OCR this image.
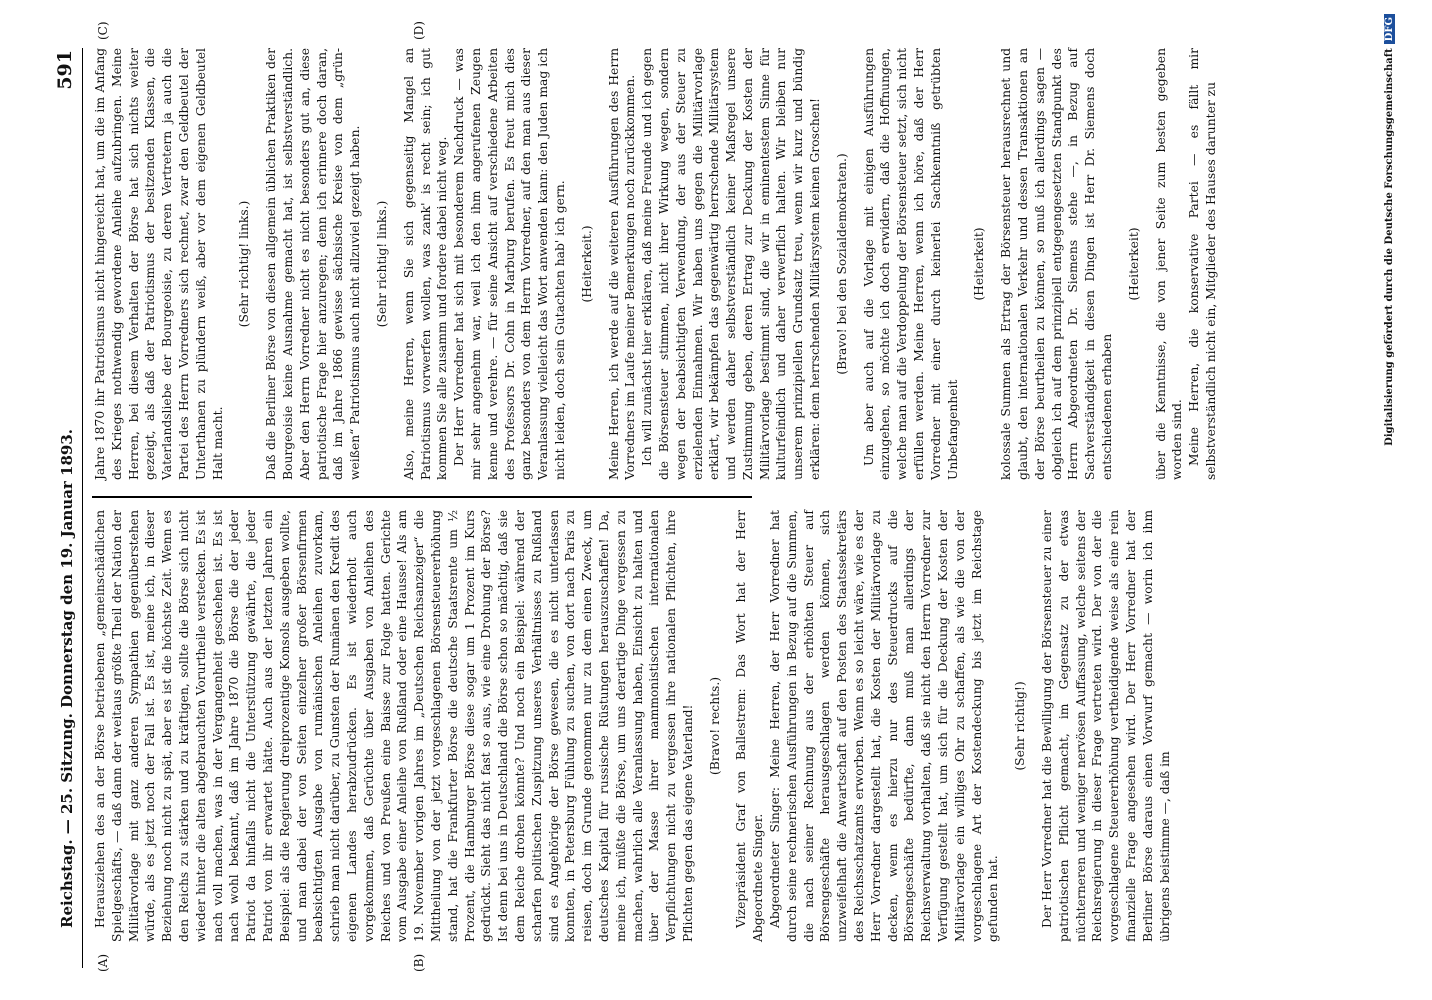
Reichstag. — 25. Sitzung. Donnerstag den 19. Januar 1893.
591
(A)	(B)
(C)	(D)

Herausziehen des an der Börse betriebenen „gemeinschädlichen Spielgeschäfts, — daß dann der weitaus größte Theil der Nation der Militärvorlage mit ganz anderen Sympathien gegenüberstehen würde, als es jetzt noch der Fall ist. Es ist, meine ich, in dieser Beziehung noch nicht zu spät, aber es ist die höchste Zeit. Wenn es den Reichs zu stärken und zu kräftigen, sollte die Börse sich nicht wieder hinter die alten abgebrauchten Vorurtheile verstecken. Es ist nach voll machen, was in der Vergangenheit geschehen ist. Es ist nach wohl bekannt, daß im Jahre 1870 die Börse die der jeder Patriot da hinfalls nicht die Unterstützung gewährte, die jeder Patriot von ihr erwartet hätte. Auch aus der letzten Jahren ein Beispiel: als die Regierung dreiprozentige Konsols ausgeben wollte, und man dabei der von Seiten einzelner großer Börsenfirmen beabsichtigten Ausgabe von rumänischen Anleihen zuvorkam, schrieb man nicht darüber, zu Gunsten der Rumänen den Kredit des eigenen Landes herabzudrücken. Es ist wiederholt auch vorgekommen, daß Gerüchte über Ausgaben von Anleihen des Reiches und von Preußen eine Baisse zur Folge hatten. Gerichte vom Ausgabe einer Anleihe von Rußland oder eine Hausse! Als am 19. November vorigen Jahres im „Deutschen Reichsanzeiger“ die Mittheilung von der jetzt vorgeschlagenen Börsensteuererhöhung stand, hat die Frankfurter Börse die deutsche Staatsrente um ½ Prozent, die Hamburger Börse diese sogar um 1 Prozent im Kurs gedrückt. Sieht das nicht fast so aus, wie eine Drohung der Börse? Ist denn bei uns in Deutschland die Börse schon so mächtig, daß sie dem Reiche drohen könnte? Und noch ein Beispiel: während der scharfen politischen Zuspitzung unseres Verhältnisses zu Rußland sind es Angehörige der Börse gewesen, die es nicht unterlassen konnten, in Petersburg Fühlung zu suchen, von dort nach Paris zu reisen, doch im Grunde genommen nur zu dem einen Zweck, um deutsches Kapital für russische Rüstungen herauszuschaffen! Da, meine ich, müßte die Börse, um uns derartige Dinge vergessen zu machen, wahrlich alle Veranlassung haben, Einsicht zu halten und über der Masse ihrer mammonistischen internationalen Verpflichtungen nicht zu vergessen ihre nationalen Pflichten, ihre Pflichten gegen das eigene Vaterland! (Bravo! rechts.) Vizepräsident Graf von Ballestrem: Das Wort hat der Herr Abgeordnete Singer. Abgeordneter Singer: Meine Herren, der Herr Vorredner hat durch seine rechnerischen Ausführungen in Bezug auf die Summen, die nach seiner Rechnung aus der erhöhten Steuer auf Börsengeschäfte herausgeschlagen werden können, sich unzweifelhaft die Anwartschaft auf den Posten des Staatssekretärs des Reichsschatzamts erworben. Wenn es so leicht wäre, wie es der Herr Vorredner dargestellt hat, die Kosten der Militärvorlage zu decken, wenn es hierzu nur des Steuerdrucks auf die Börsengeschäfte bedürfte, dann muß man allerdings der Reichsverwaltung vorhalten, daß sie nicht den Herrn Vorredner zur Verfügung gestellt hat, um sich für die Deckung der Kosten der Militärvorlage ein williges Ohr zu schaffen, als wie die von der vorgeschlagene Art der Kostendeckung bis jetzt im Reichstage gefunden hat.

(Sehr richtig!) Der Herr Vorredner hat die Bewilligung der Börsensteuer zu einer patriotischen Pflicht gemacht, im Gegensatz zu der etwas nüchterneren und weniger nervösen Auffassung, welche seitens der Reichsregierung in dieser Frage vertreten wird. Der von der die vorgeschlagene Steuererhöhung vertheidigende weise als eine rein finanzielle Frage angesehen wird. Der Herr Vorredner hat der Berliner Börse daraus einen Vorwurf gemacht — worin ich ihm übrigens beistimme —, daß im

Jahre 1870 ihr Patriotismus nicht hingereicht hat, um die im Anfang des Krieges nothwendig gewordene Anleihe aufzubringen. Meine Herren, bei diesem Verhalten der Börse hat sich nichts weiter gezeigt, als daß der Patriotismus der besitzenden Klassen, die Vaterlandsliebe der Bourgeoisie, zu deren Vertretern ja auch die Partei des Herrn Vorredners sich rechnet, zwar den Geldbeutel der Unterthanen zu plündern weiß, aber vor dem eigenen Geldbeutel Halt macht.

(Sehr richtig! links.) Daß die Berliner Börse von diesen allgemein üblichen Praktiken der Bourgeoisie keine Ausnahme gemacht hat, ist selbstverständlich. Aber den Herrn Vorredner nicht es nicht besonders gut an, diese patriotische Frage hier anzuregen; denn ich erinnere doch daran, daß im Jahre 1866 gewisse sächsische Kreise von dem „grün-weißen“ Patriotismus auch nicht allzuviel gezeigt haben. (Sehr richtig! links.) Also, meine Herren, wenn Sie sich gegenseitig Mangel an Patriotismus vorwerfen wollen, was zank' is recht sein; ich gut kommen Sie alle zusamm und fordere dabei nicht weg. Der Herr Vorredner hat sich mit besonderem Nachdruck — was mir sehr angenehm war, weil ich den ihm angerufenen Zeugen kenne und verehre. — für seine Ansicht auf verschiedene Arbeiten des Professors Dr. Cohn in Marburg berufen. Es freut mich dies ganz besonders von dem Herrn Vorredner, auf den man aus dieser Veranlassung vielleicht das Wort anwenden kann: den Juden mag ich nicht leiden, doch sein Gutachten hab' ich gern. (Heiterkeit.) Meine Herren, ich werde auf die weiteren Ausführungen des Herrn Vorredners im Laufe meiner Bemerkungen noch zurückkommen. Ich will zunächst hier erklären, daß meine Freunde und ich gegen die Börsensteuer stimmen, nicht ihrer Wirkung wegen, sondern wegen der beabsichtigten Verwendung, der aus der Steuer zu erzielenden Einnahmen. Wir haben uns gegen die Militärvorlage erklärt, wir bekämpfen das gegenwärtig herrschende Militärsystem und werden daher selbstverständlich keiner Maßregel unsere Zustimmung geben, deren Ertrag zur Deckung der Kosten der Militärvorlage bestimmt sind, die wir in eminentestem Sinne für kulturfeindlich und daher verwerflich halten. Wir bleiben nur unserem prinzipiellen Grundsatz treu, wenn wir kurz und bündig erklären: dem herrschenden Militärsystem keinen Groschen! (Bravo! bei den Sozialdemokraten.) Um aber auch auf die Vorlage mit einigen Ausführungen einzugehen, so möchte ich doch erwidern, daß die Hoffnungen, welche man auf die Verdoppelung der Börsensteuer setzt, sich nicht erfüllen werden. Meine Herren, wenn ich höre, daß der Herr Vorredner mit einer durch keinerlei Sachkenntniß getrübten Unbefangenheit

(Heiterkeit) kolossale Summen als Ertrag der Börsensteuer herausrechnet und glaubt, den internationalen Verkehr und dessen Transaktionen an der Börse beurtheilen zu können, so muß ich allerdings sagen — obgleich ich auf dem prinzipiell entgegengesetzten Standpunkt des Herrn Abgeordneten Dr. Siemens stehe —, in Bezug auf Sachverständigkeit in diesen Dingen ist Herr Dr. Siemens doch entschiedenen erhaben

(Heiterkeit) über die Kenntnisse, die von jener Seite zum besten gegeben worden sind. Meine Herren, die konservative Partei — es fällt mir selbstverständlich nicht ein, Mitglieder des Hauses darunter zu	Digitalisierung gefördert durch die Deutsche ForschungsgemeinschaftDFG
